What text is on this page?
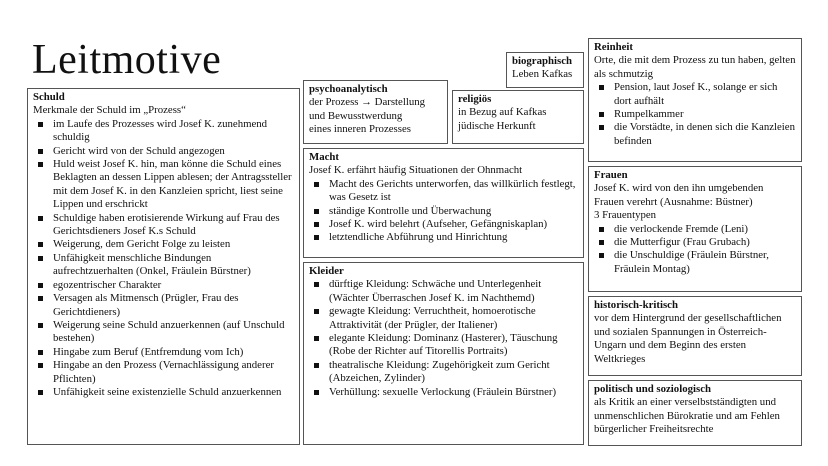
Leitmotive
Schuld
Merkmale der Schuld im „Prozess“
im Laufe des Prozesses wird Josef K. zunehmend schuldig
Gericht wird von der Schuld angezogen
Huld weist Josef K. hin, man könne die Schuld eines Beklagten an dessen Lippen ablesen; der Antragssteller mit dem Josef K. in den Kanzleien spricht, liest seine Lippen und erschrickt
Schuldige haben erotisierende Wirkung auf Frau des Gerichtsdieners Josef K.s Schuld
Weigerung, dem Gericht Folge zu leisten
Unfähigkeit menschliche Bindungen aufrechtzuerhalten (Onkel, Fräulein Bürstner)
egozentrischer Charakter
Versagen als Mitmensch (Prügler, Frau des Gerichtdieners)
Weigerung seine Schuld anzuerkennen (auf Unschuld bestehen)
Hingabe zum Beruf (Entfremdung vom Ich)
Hingabe an den Prozess (Vernachlässigung anderer Pflichten)
Unfähigkeit seine existenzielle Schuld anzuerkennen
psychoanalytisch
der Prozess → Darstellung
und Bewusstwerdung
eines inneren Prozesses
religiös
in Bezug auf Kafkas
jüdische Herkunft
biographisch
Leben Kafkas
Macht
Josef K. erfährt häufig Situationen der Ohnmacht
Macht des Gerichts unterworfen, das willkürlich festlegt, was Gesetz ist
ständige Kontrolle und Überwachung
Josef K. wird belehrt (Aufseher, Gefängniskaplan)
letztendliche Abführung und Hinrichtung
Kleider
dürftige Kleidung: Schwäche und Unterlegenheit (Wächter Überraschen Josef K. im Nachthemd)
gewagte Kleidung: Verruchtheit, homoerotische Attraktivität (der Prügler, der Italiener)
elegante Kleidung: Dominanz (Hasterer), Täuschung (Robe der Richter auf Titorellis Portraits)
theatralische Kleidung: Zugehörigkeit zum Gericht (Abzeichen, Zylinder)
Verhüllung: sexuelle Verlockung (Fräulein Bürstner)
Reinheit
Orte, die mit dem Prozess zu tun haben, gelten als schmutzig
Pension, laut Josef K., solange er sich dort aufhält
Rumpelkammer
die Vorstädte, in denen sich die Kanzleien befinden
Frauen
Josef K. wird von den ihn umgebenden Frauen verehrt (Ausnahme: Büstner)
3 Frauentypen
die verlockende Fremde (Leni)
die Mutterfigur (Frau Grubach)
die Unschuldige (Fräulein Bürstner, Fräulein Montag)
historisch-kritisch
vor dem Hintergrund der gesellschaftlichen und sozialen Spannungen in Österreich-Ungarn und dem Beginn des ersten Weltkrieges
politisch und soziologisch
als Kritik an einer verselbstständigten und unmenschlichen Bürokratie und am Fehlen bürgerlicher Freiheitsrechte
